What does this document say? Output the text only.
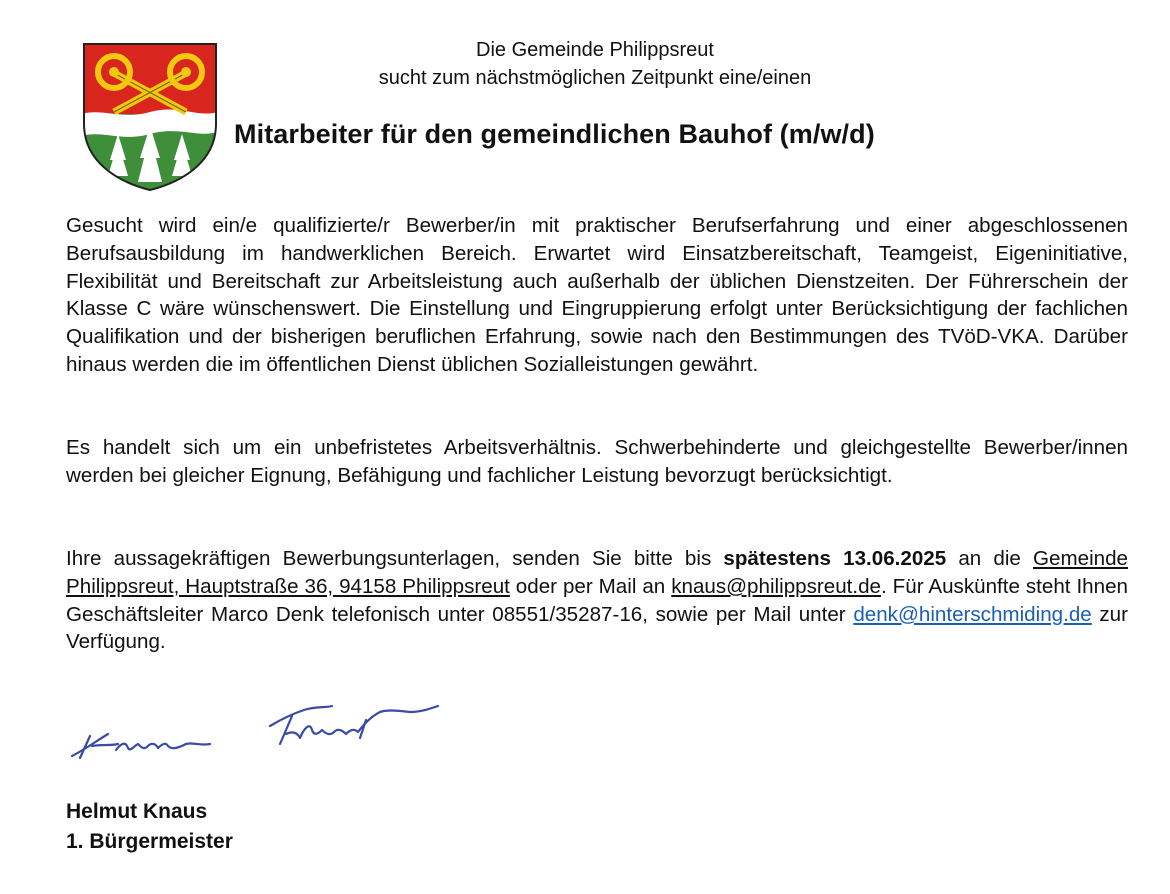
Die Gemeinde Philippsreut
sucht zum nächstmöglichen Zeitpunkt eine/einen
Mitarbeiter für den gemeindlichen Bauhof (m/w/d)
Gesucht wird ein/e qualifizierte/r Bewerber/in mit praktischer Berufserfahrung und einer abgeschlossenen Berufsausbildung im handwerklichen Bereich. Erwartet wird Einsatzbereitschaft, Teamgeist, Eigeninitiative, Flexibilität und Bereitschaft zur Arbeitsleistung auch außerhalb der üblichen Dienstzeiten. Der Führerschein der Klasse C wäre wünschenswert. Die Einstellung und Eingruppierung erfolgt unter Berücksichtigung der fachlichen Qualifikation und der bisherigen beruflichen Erfahrung, sowie nach den Bestimmungen des TVöD-VKA. Darüber hinaus werden die im öffentlichen Dienst üblichen Sozialleistungen gewährt.
Es handelt sich um ein unbefristetes Arbeitsverhältnis. Schwerbehinderte und gleichgestellte Bewerber/innen werden bei gleicher Eignung, Befähigung und fachlicher Leistung bevorzugt berücksichtigt.
Ihre aussagekräftigen Bewerbungsunterlagen, senden Sie bitte bis spätestens 13.06.2025 an die Gemeinde Philippsreut, Hauptstraße 36, 94158 Philippsreut oder per Mail an knaus@philippsreut.de. Für Auskünfte steht Ihnen Geschäftsleiter Marco Denk telefonisch unter 08551/35287-16, sowie per Mail unter denk@hinterschmiding.de zur Verfügung.
Helmut Knaus
1. Bürgermeister
